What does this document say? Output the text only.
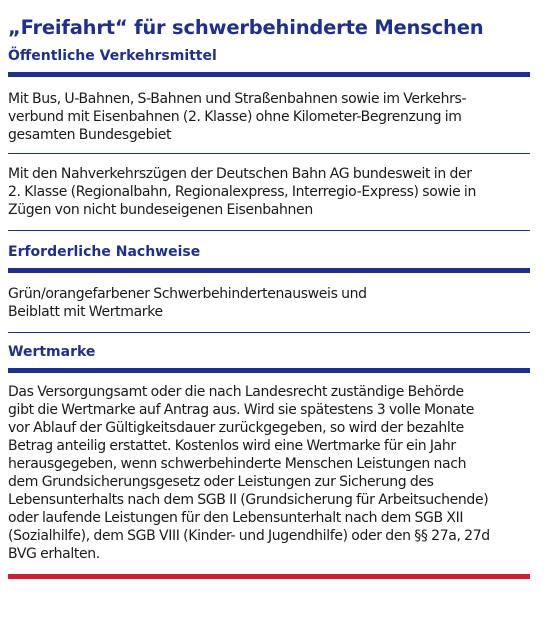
„Freifahrt“ für schwerbehinderte Menschen
Öffentliche Verkehrsmittel

Mit Bus, U-Bahnen, S-Bahnen und Straßenbahnen sowie im Verkehrs-
verbund mit Eisenbahnen (2. Klasse) ohne Kilometer-Begrenzung im
gesamten Bundesgebiet

Mit den Nahverkehrszügen der Deutschen Bahn AG bundesweit in der
2. Klasse (Regionalbahn, Regionalexpress, Interregio-Express) sowie in
Zügen von nicht bundeseigenen Eisenbahnen

Erforderliche Nachweise

Grün/orangefarbener Schwerbehindertenausweis und
Beiblatt mit Wertmarke

Wertmarke

Das Versorgungsamt oder die nach Landesrecht zuständige Behörde
gibt die Wertmarke auf Antrag aus. Wird sie spätestens 3 volle Monate
vor Ablauf der Gültigkeitsdauer zurückgegeben, so wird der bezahlte
Betrag anteilig erstattet. Kostenlos wird eine Wertmarke für ein Jahr
herausgegeben, wenn schwerbehinderte Menschen Leistungen nach
dem Grundsicherungsgesetz oder Leistungen zur Sicherung des
Lebensunterhalts nach dem SGB II (Grundsicherung für Arbeitsuchende)
oder laufende Leistungen für den Lebensunterhalt nach dem SGB XII
(Sozialhilfe), dem SGB VIII (Kinder- und Jugendhilfe) oder den §§ 27a, 27d
BVG erhalten.
